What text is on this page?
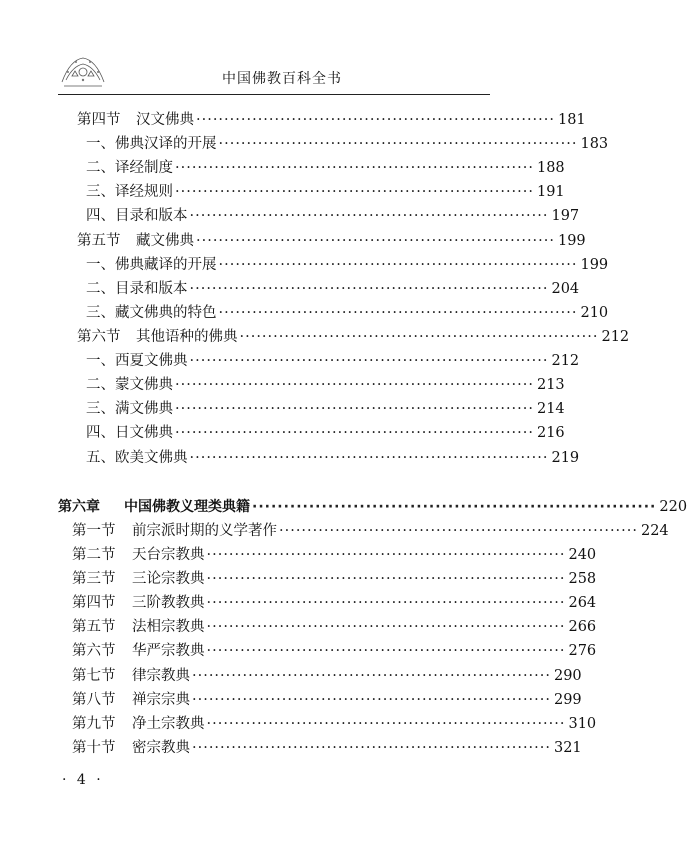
中国佛教百科全书
第四节 汉文佛典 ································································ 181
一、佛典汉译的开展 ································································ 183
二、译经制度 ································································ 188
三、译经规则 ································································ 191
四、目录和版本 ································································ 197
第五节 藏文佛典 ································································ 199
一、佛典藏译的开展 ································································ 199
二、目录和版本 ································································ 204
三、藏文佛典的特色 ································································ 210
第六节 其他语种的佛典 ································································ 212
一、西夏文佛典 ································································ 212
二、蒙文佛典 ································································ 213
三、满文佛典 ································································ 214
四、日文佛典 ································································ 216
五、欧美文佛典 ································································ 219
第六章 中国佛教义理类典籍 ································································ 220
第一节 前宗派时期的义学著作 ································································ 224
第二节 天台宗教典 ································································ 240
第三节 三论宗教典 ································································ 258
第四节 三阶教教典 ································································ 264
第五节 法相宗教典 ································································ 266
第六节 华严宗教典 ································································ 276
第七节 律宗教典 ································································ 290
第八节 禅宗宗典 ································································ 299
第九节 净土宗教典 ································································ 310
第十节 密宗教典 ································································ 321
· 4 ·
